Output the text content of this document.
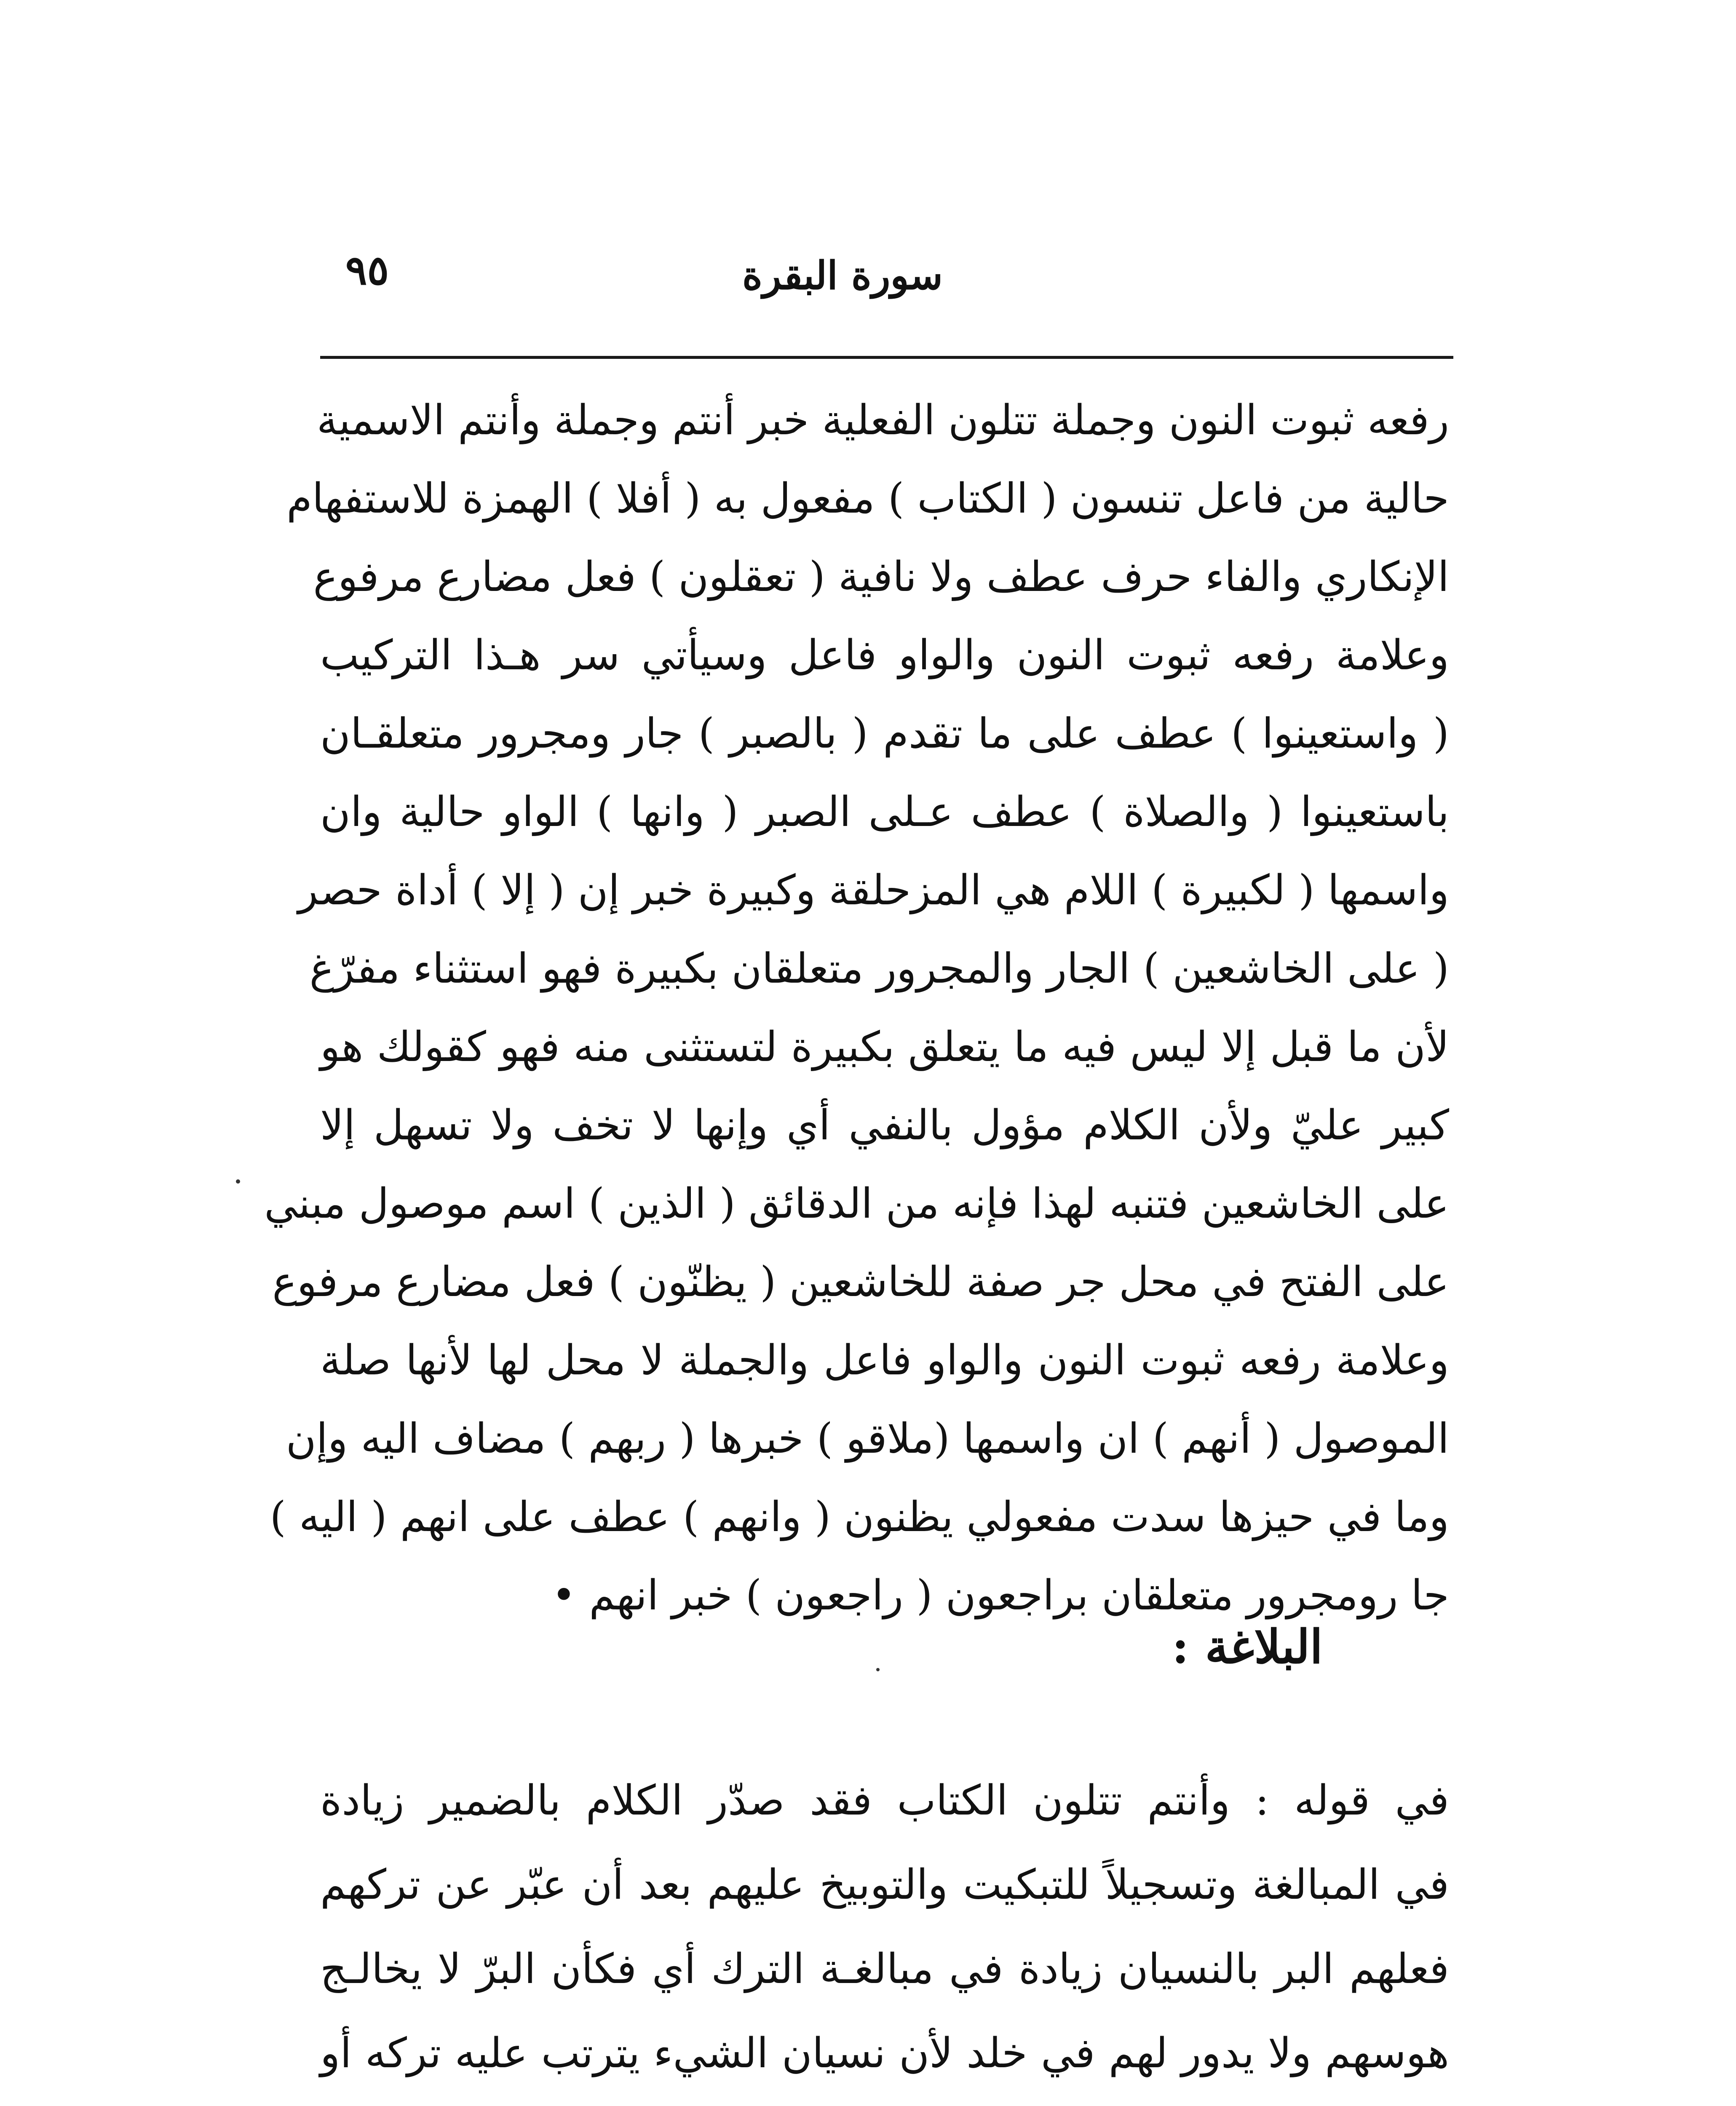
٩٥	سورة البقرة
رفعه ثبوت النون وجملة تتلون الفعلية خبر أنتم وجملة وأنتم الاسمية
حالية من فاعل تنسون ( الكتاب ) مفعول به ( أفلا ) الهمزة للاستفهام
الإنكاري والفاء حرف عطف ولا نافية ( تعقلون ) فعل مضارع مرفوع
وعلامة رفعه ثبوت النون والواو فاعل وسيأتي سر هـذا التركيب
( واستعينوا ) عطف على ما تقدم ( بالصبر ) جار ومجرور متعلقـان
باستعينوا ( والصلاة ) عطف عـلى الصبر ( وانها ) الواو حالية وان
واسمها ( لكبيرة ) اللام هي المزحلقة وكبيرة خبر إن ( إلا ) أداة حصر
( على الخاشعين ) الجار والمجرور متعلقان بكبيرة فهو استثناء مفرّغ
لأن ما قبل إلا ليس فيه ما يتعلق بكبيرة لتستثنى منه فهو كقولك هو
كبير عليّ ولأن الكلام مؤول بالنفي أي وإنها لا تخف ولا تسهل إلا
على الخاشعين فتنبه لهذا فإنه من الدقائق ( الذين ) اسم موصول مبني
على الفتح في محل جر صفة للخاشعين ( يظنّون ) فعل مضارع مرفوع
وعلامة رفعه ثبوت النون والواو فاعل والجملة لا محل لها لأنها صلة
الموصول ( أنهم ) ان واسمها (ملاقو ) خبرها ( ربهم ) مضاف اليه وإن
وما في حيزها سدت مفعولي يظنون ( وانهم ) عطف على انهم ( اليه )
جا رومجرور متعلقان براجعون ( راجعون ) خبر انهم •
البلاغة :
في قوله : وأنتم تتلون الكتاب فقد صدّر الكلام بالضمير زيادة
في المبالغة وتسجيلاً للتبكيت والتوبيخ عليهم بعد أن عبّر عن تركهم
فعلهم البر بالنسيان زيادة في مبالغـة الترك أي فكأن البرّ لا يخالـج
هوسهم ولا يدور لهم في خلد لأن نسيان الشيء يترتب عليه تركه أو
